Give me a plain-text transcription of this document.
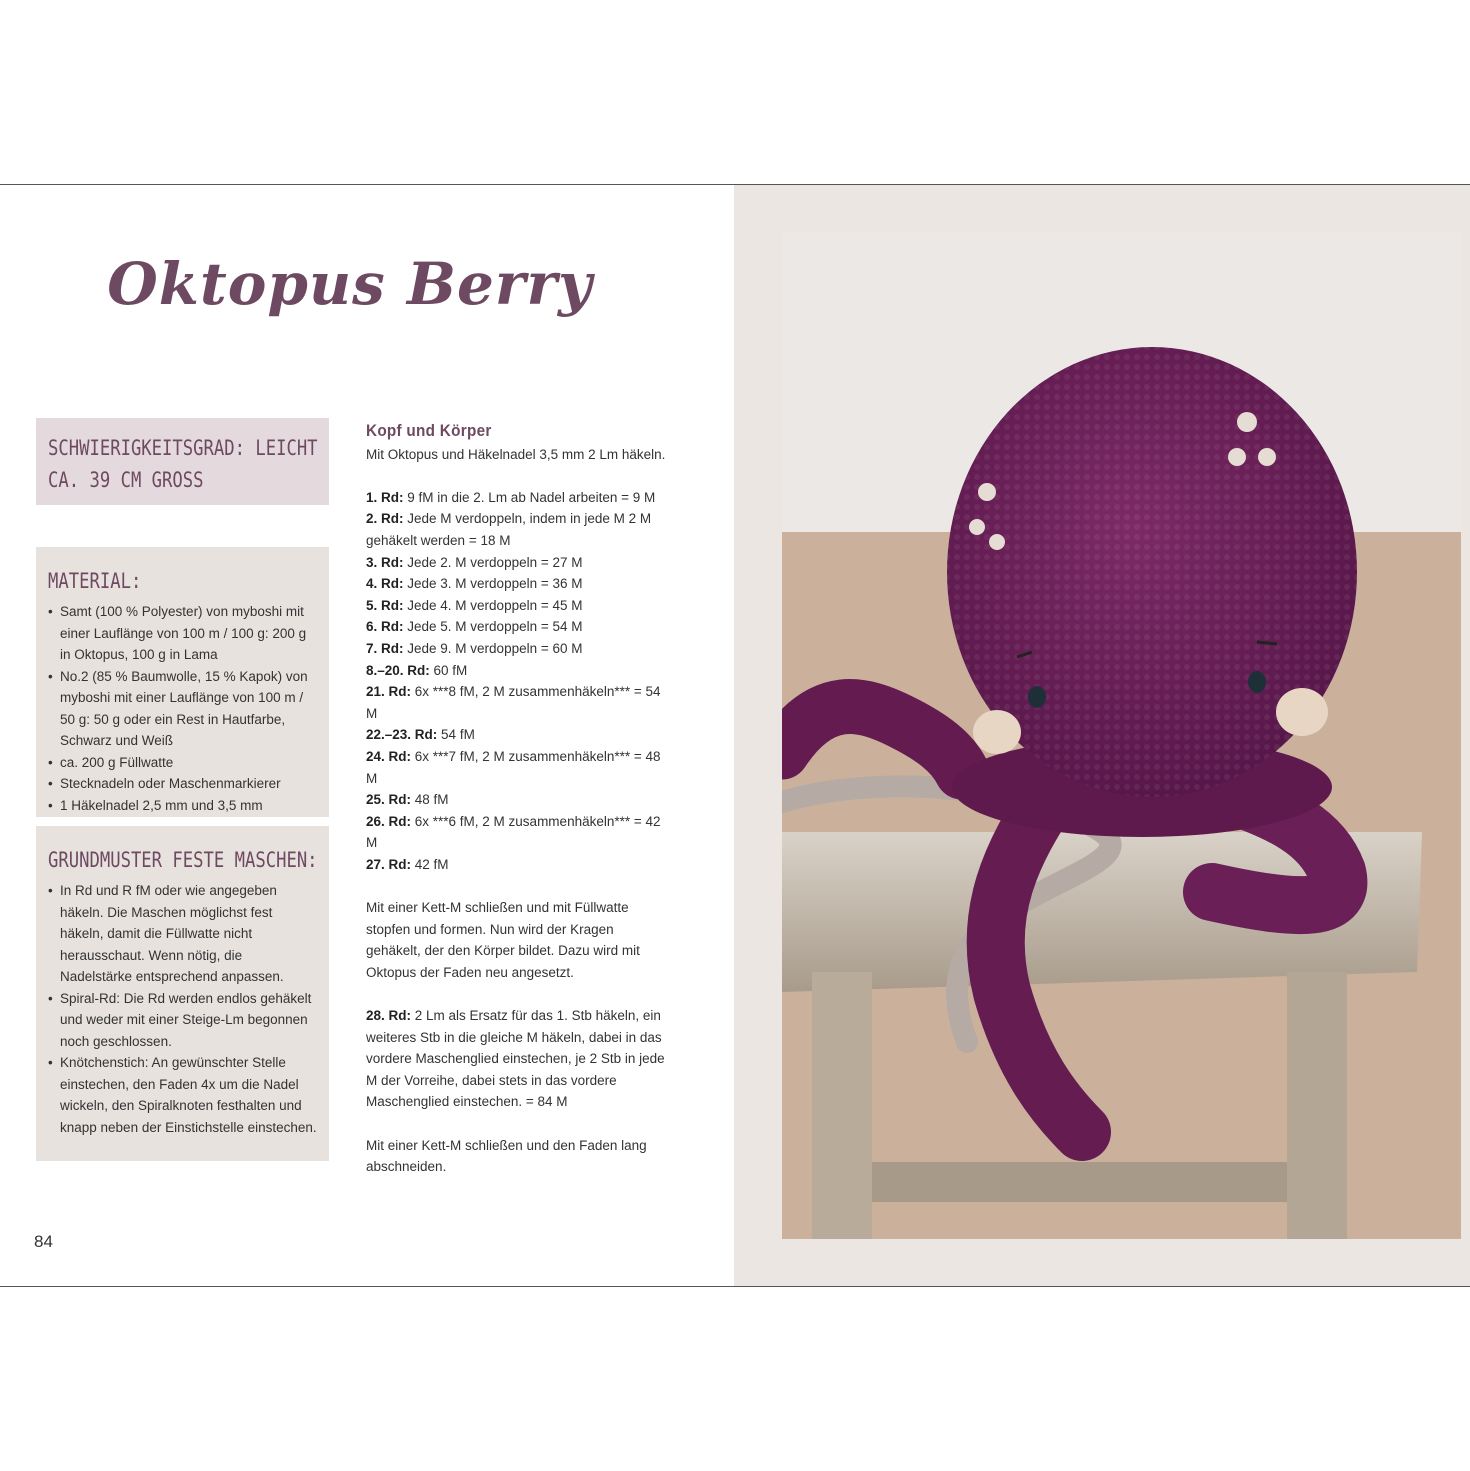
Oktopus Berry
SCHWIERIGKEITSGRAD: LEICHT
CA. 39 CM GROSS
MATERIAL:
• Samt (100 % Polyester) von myboshi mit einer Lauflänge von 100 m / 100 g: 200 g in Oktopus, 100 g in Lama
• No.2 (85 % Baumwolle, 15 % Kapok) von myboshi mit einer Lauflänge von 100 m / 50 g: 50 g oder ein Rest in Hautfarbe, Schwarz und Weiß
• ca. 200 g Füllwatte
• Stecknadeln oder Maschenmarkierer
• 1 Häkelnadel 2,5 mm und 3,5 mm
GRUNDMUSTER FESTE MASCHEN:
• In Rd und R fM oder wie angegeben häkeln. Die Maschen möglichst fest häkeln, damit die Füllwatte nicht herausschaut. Wenn nötig, die Nadelstärke entsprechend anpassen.
• Spiral-Rd: Die Rd werden endlos gehäkelt und weder mit einer Steige-Lm begonnen noch geschlossen.
• Knötchenstich: An gewünschter Stelle einstechen, den Faden 4x um die Nadel wickeln, den Spiralknoten festhalten und knapp neben der Einstichstelle einstechen.
Kopf und Körper

Mit Oktopus und Häkelnadel 3,5 mm 2 Lm häkeln.

1. Rd: 9 fM in die 2. Lm ab Nadel arbeiten = 9 M

2. Rd: Jede M verdoppeln, indem in jede M 2 M gehäkelt werden = 18 M

3. Rd: Jede 2. M verdoppeln = 27 M

4. Rd: Jede 3. M verdoppeln = 36 M

5. Rd: Jede 4. M verdoppeln = 45 M

6. Rd: Jede 5. M verdoppeln = 54 M

7. Rd: Jede 9. M verdoppeln = 60 M

8.–20. Rd: 60 fM

21. Rd: 6x ***8 fM, 2 M zusammenhäkeln*** = 54 M

22.–23. Rd: 54 fM

24. Rd: 6x ***7 fM, 2 M zusammenhäkeln*** = 48 M

25. Rd: 48 fM

26. Rd: 6x ***6 fM, 2 M zusammenhäkeln*** = 42 M

27. Rd: 42 fM

Mit einer Kett-M schließen und mit Füllwatte stopfen und formen. Nun wird der Kragen gehäkelt, der den Körper bildet. Dazu wird mit Oktopus der Faden neu angesetzt.

28. Rd: 2 Lm als Ersatz für das 1. Stb häkeln, ein weiteres Stb in die gleiche M häkeln, dabei in das vordere Maschenglied einstechen, je 2 Stb in jede M der Vorreihe, dabei stets in das vordere Maschenglied einstechen. = 84 M

Mit einer Kett-M schließen und den Faden lang abschneiden.

84
